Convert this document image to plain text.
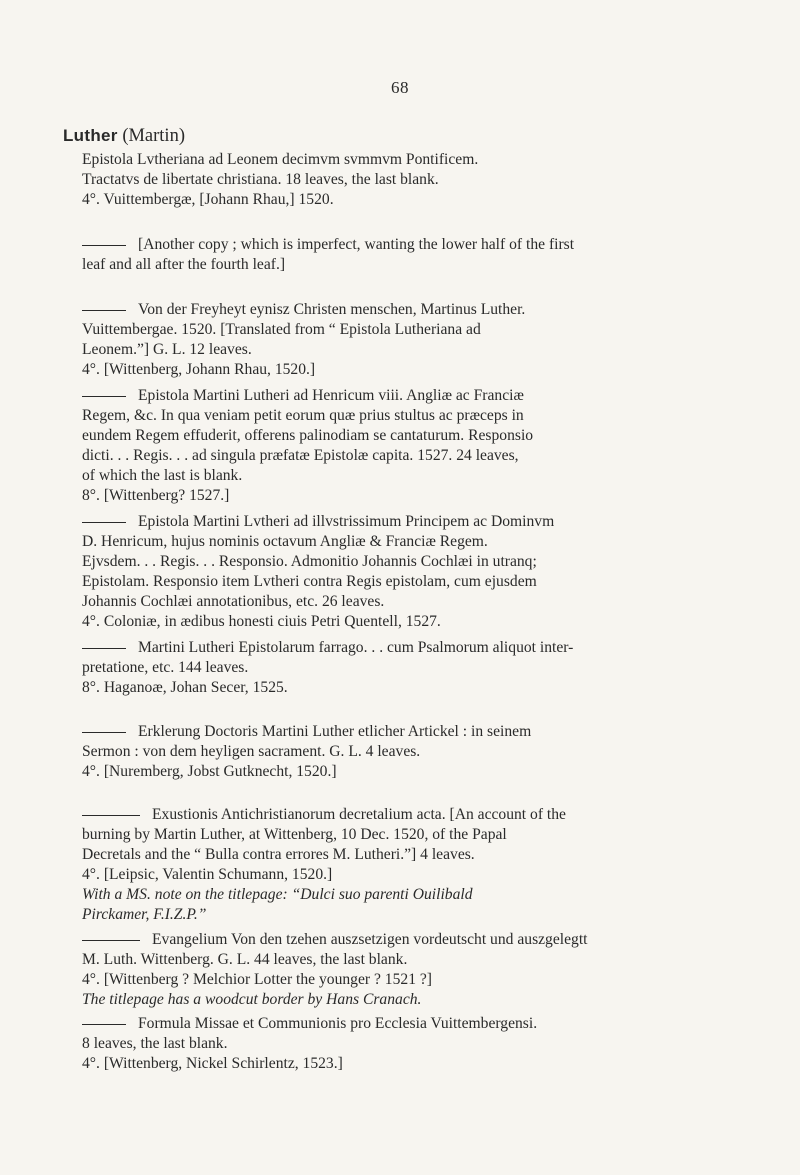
68
Luther (Martin)
Epistola Lvtheriana ad Leonem decimvm svmmvm Pontificem.
Tractatvs de libertate christiana. 18 leaves, the last blank.
4°. Vuittembergæ, [Johann Rhau,] 1520.
[Another copy ; which is imperfect, wanting the lower half of the first
leaf and all after the fourth leaf.]
Von der Freyheyt eynisz Christen menschen, Martinus Luther.
Vuittembergae. 1520. [Translated from “ Epistola Lutheriana ad
Leonem.”] G. L. 12 leaves.
4°. [Wittenberg, Johann Rhau, 1520.]
Epistola Martini Lutheri ad Henricum viii. Angliæ ac Franciæ
Regem, &c. In qua veniam petit eorum quæ prius stultus ac præceps in
eundem Regem effuderit, offerens palinodiam se cantaturum. Responsio
dicti. . . Regis. . . ad singula præfatæ Epistolæ capita. 1527. 24 leaves,
of which the last is blank.
8°. [Wittenberg? 1527.]
Epistola Martini Lvtheri ad illvstrissimum Principem ac Dominvm
D. Henricum, hujus nominis octavum Angliæ & Franciæ Regem.
Ejvsdem. . . Regis. . . Responsio. Admonitio Johannis Cochlæi in utranq;
Epistolam. Responsio item Lvtheri contra Regis epistolam, cum ejusdem
Johannis Cochlæi annotationibus, etc. 26 leaves.
4°. Coloniæ, in ædibus honesti ciuis Petri Quentell, 1527.
Martini Lutheri Epistolarum farrago. . . cum Psalmorum aliquot inter-
pretatione, etc. 144 leaves.
8°. Haganoæ, Johan Secer, 1525.
Erklerung Doctoris Martini Luther etlicher Artickel : in seinem
Sermon : von dem heyligen sacrament. G. L. 4 leaves.
4°. [Nuremberg, Jobst Gutknecht, 1520.]
Exustionis Antichristianorum decretalium acta. [An account of the
burning by Martin Luther, at Wittenberg, 10 Dec. 1520, of the Papal
Decretals and the “ Bulla contra errores M. Lutheri.”] 4 leaves.
4°. [Leipsic, Valentin Schumann, 1520.]
With a MS. note on the titlepage: “Dulci suo parenti Ouilibald
Pirckamer, F.I.Z.P.”
Evangelium Von den tzehen auszsetzigen vordeutscht und auszgelegtt
M. Luth. Wittenberg. G. L. 44 leaves, the last blank.
4°. [Wittenberg ? Melchior Lotter the younger ? 1521 ?]
The titlepage has a woodcut border by Hans Cranach.
Formula Missae et Communionis pro Ecclesia Vuittembergensi.
8 leaves, the last blank.
4°. [Wittenberg, Nickel Schirlentz, 1523.]
